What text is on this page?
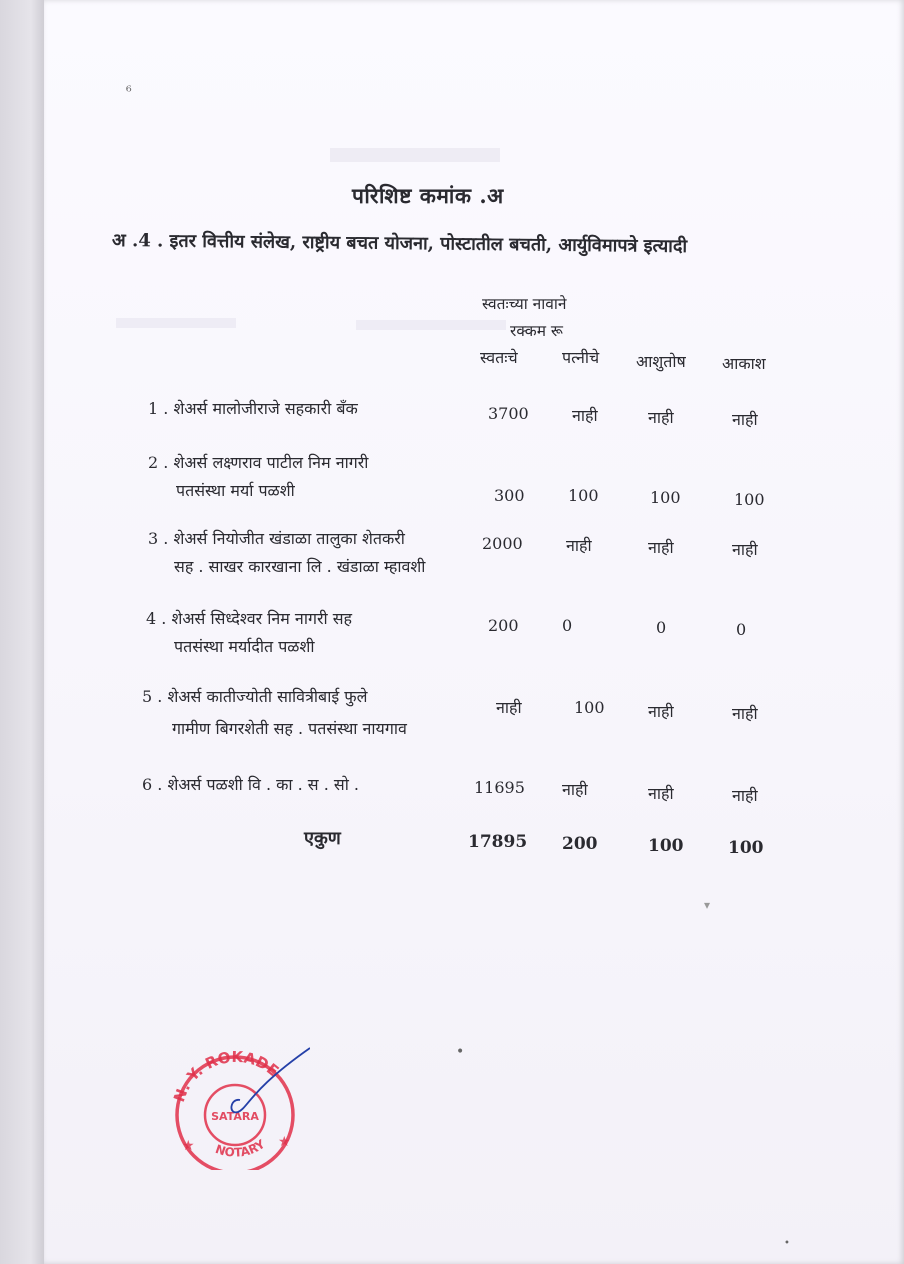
⁶
परिशिष्ट कमांक .अ
अ .4 . इतर वित्तीय संलेख, राष्ट्रीय बचत योजना, पोस्टातील बचती, आर्युविमापत्रे इत्यादी
स्वतःच्या नावाने
रक्कम रू
स्वतःचे	पत्नीचे आशुतोष आकाश
1 . शेअर्स मालोजीराजे सहकारी बँक	3700	नाही	नाही	नाही
2 . शेअर्स लक्ष्णराव पाटील निम नागरी
पतसंस्था मर्या पळशी	300	100	100	100
3 . शेअर्स नियोजीत खंडाळा तालुका शेतकरी
सह . साखर कारखाना लि . खंडाळा म्हावशी
2000	नाही	नाही	नाही
4 . शेअर्स सिध्देश्वर निम नागरी सह
पतसंस्था मर्यादीत पळशी
200	0	0	0
5 . शेअर्स कातीज्योती सावित्रीबाई फुले
गामीण बिगरशेती सह . पतसंस्था नायगाव
नाही	100	नाही	नाही
6 . शेअर्स पळशी वि . का . स . सो .	11695 नाही	नाही	नाही
एकुण	17895 200	100	100
•
•
▾
N. Y. ROKADE
NOTARY
SATARA
★	★
